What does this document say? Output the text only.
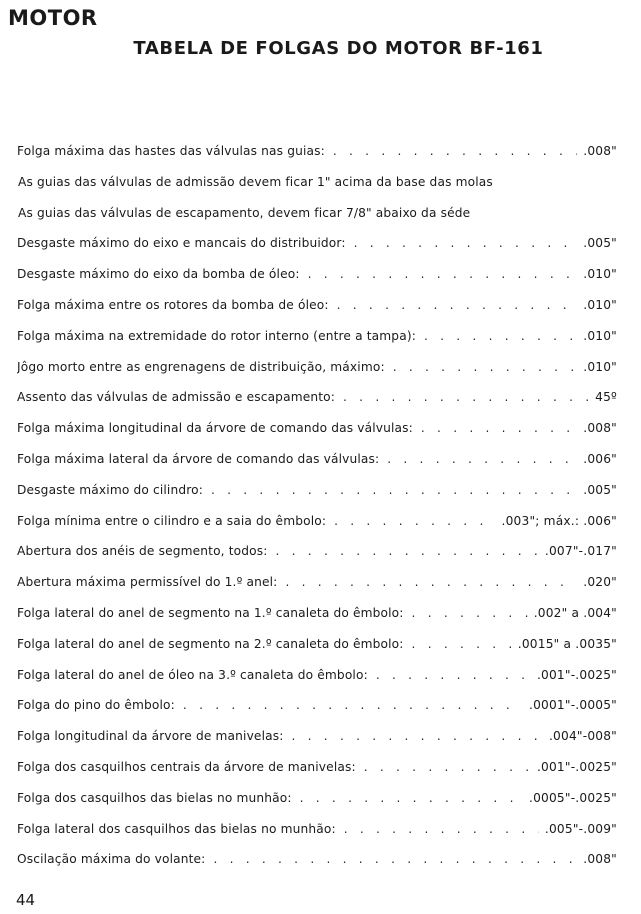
MOTOR
TABELA DE FOLGAS DO MOTOR BF-161
Folga máxima das hastes das válvulas nas guias: . . .	.008"
As guias das válvulas de admissão devem ficar 1" acima da base das molas
As guias das válvulas de escapamento, devem ficar 7/8" abaixo da séde
Desgaste máximo do eixo e mancais do distribuidor: . . .	.005"
Desgaste máximo do eixo da bomba de óleo: . . .	.010"
Folga máxima entre os rotores da bomba de óleo: . . .	.010"
Folga máxima na extremidade do rotor interno (entre a tampa): . . .	.010"
Jôgo morto entre as engrenagens de distribuição, máximo: . . .	.010"
Assento das válvulas de admissão e escapamento: . . .	45º
Folga máxima longitudinal da árvore de comando das válvulas: . . .	.008"
Folga máxima lateral da árvore de comando das válvulas: . . .	.006"
Desgaste máximo do cilindro: . . .	.005"
Folga mínima entre o cilindro e a saia do êmbolo: . . .	.003"; máx.: .006"
Abertura dos anéis de segmento, todos: . . .	.007"-.017"
Abertura máxima permissível do 1.º anel: . . .	.020"
Folga lateral do anel de segmento na 1.º canaleta do êmbolo: . . .	.002" a .004"
Folga lateral do anel de segmento na 2.º canaleta do êmbolo: . . .	.0015" a .0035"
Folga lateral do anel de óleo na 3.º canaleta do êmbolo: . . .	.001"-.0025"
Folga do pino do êmbolo: . . .	.0001"-.0005"
Folga longitudinal da árvore de manivelas: . . .	.004"-008"
Folga dos casquilhos centrais da árvore de manivelas: . . .	.001"-.0025"
Folga dos casquilhos das bielas no munhão: . . .	.0005"-.0025"
Folga lateral dos casquilhos das bielas no munhão: . . .	.005"-.009"
Oscilação máxima do volante: . . .	.008"

44
